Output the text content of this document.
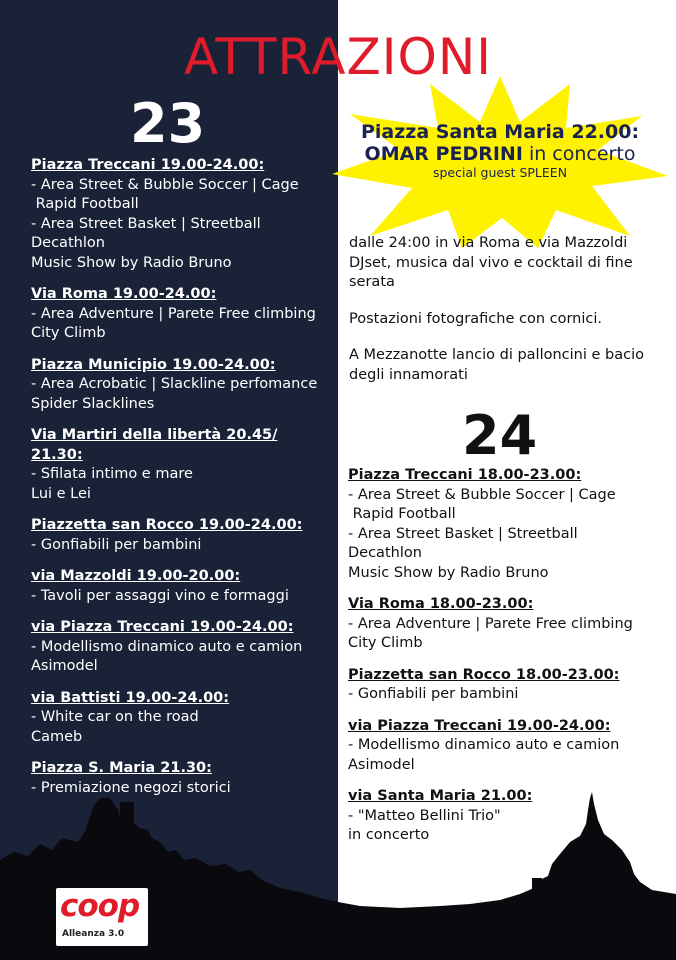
ATTRAZIONI
23	Piazza Santa Maria 22.00:
OMAR PEDRINI in concerto
special guest SPLEEN
Piazza Treccani 19.00-24.00:
- Area Street & Bubble Soccer | Cage
Rapid Football
- Area Street Basket | Streetball
Decathlon
Music Show by Radio Bruno
Via Roma 19.00-24.00:
- Area Adventure | Parete Free climbing
City Climb
Piazza Municipio 19.00-24.00:
- Area Acrobatic | Slackline perfomance
Spider Slacklines
Via Martiri della libertà 20.45/ 21.30:
- Sfilata intimo e mare
Lui e Lei
Piazzetta san Rocco 19.00-24.00:
- Gonfiabili per bambini
via Mazzoldi 19.00-20.00:
- Tavoli per assaggi vino e formaggi
via Piazza Treccani 19.00-24.00:
- Modellismo dinamico auto e camion
Asimodel
via Battisti 19.00-24.00:
- White car on the road
Cameb
Piazza S. Maria 21.30:
- Premiazione negozi storici

dalle 24:00 in via Roma e via Mazzoldi DJset, musica dal vivo e cocktail di fine serata

Postazioni fotografiche con cornici.

A Mezzanotte lancio di palloncini e bacio degli innamorati

24
Piazza Treccani 18.00-23.00:
- Area Street & Bubble Soccer | Cage
Rapid Football
- Area Street Basket | Streetball
Decathlon
Music Show by Radio Bruno
Via Roma 18.00-23.00:
- Area Adventure | Parete Free climbing
City Climb
Piazzetta san Rocco 18.00-23.00:
- Gonfiabili per bambini
via Piazza Treccani 19.00-24.00:
- Modellismo dinamico auto e camion
Asimodel
via Santa Maria 21.00:
- "Matteo Bellini Trio"
in concerto
coop
Alleanza 3.0
